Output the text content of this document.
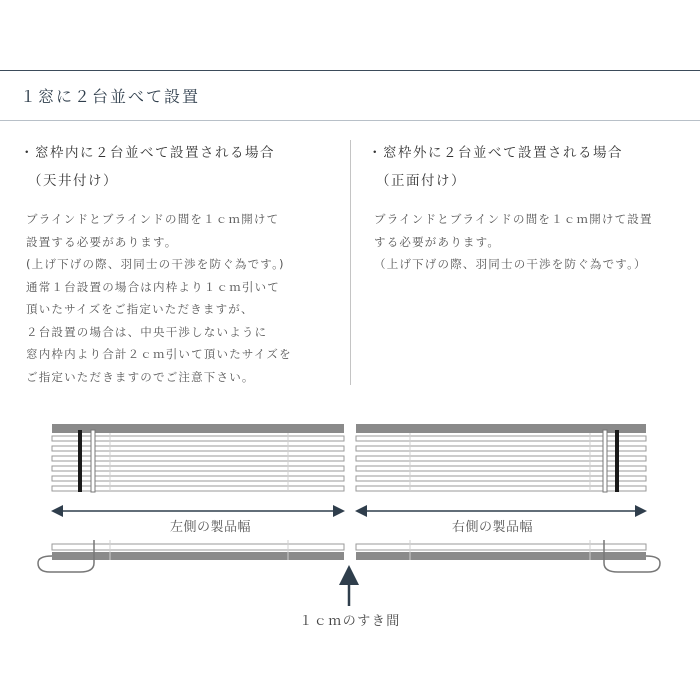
１窓に２台並べて設置
・窓枠内に２台並べて設置される場合
（天井付け）
ブラインドとブラインドの間を１ｃｍ開けて
設置する必要があります。
(上げ下げの際、羽同士の干渉を防ぐ為です。)
通常１台設置の場合は内枠より１ｃｍ引いて
頂いたサイズをご指定いただきますが、
２台設置の場合は、中央干渉しないように
窓内枠内より合計２ｃｍ引いて頂いたサイズを
ご指定いただきますのでご注意下さい。
・窓枠外に２台並べて設置される場合
（正面付け）
ブラインドとブラインドの間を１ｃｍ開けて設置
する必要があります。
（上げ下げの際、羽同士の干渉を防ぐ為です。）
左側の製品幅	右側の製品幅
１ｃｍのすき間
